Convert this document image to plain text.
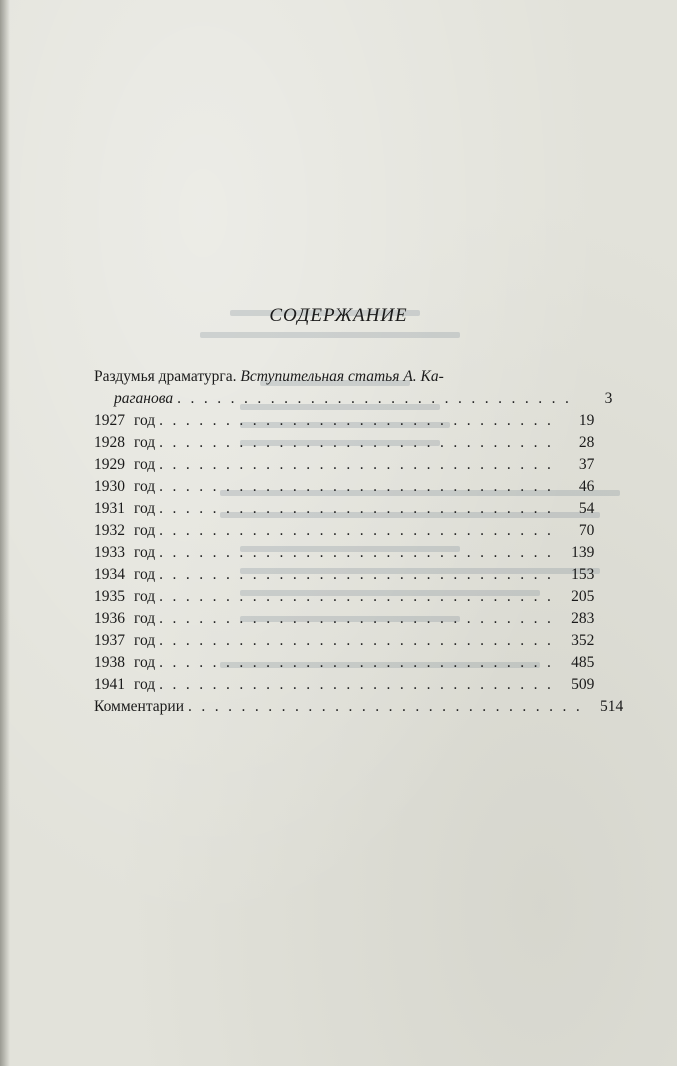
СОДЕРЖАНИЕ
Раздумья драматурга. Вступительная статья А. Ка-
раганова ..............................	3
1927 год ..............................	19
1928 год ..............................	28
1929 год ..............................	37
1930 год ..............................	46
1931 год ..............................	54
1932 год ..............................	70
1933 год .............................. 139
1934 год .............................. 153
1935 год .............................. 205
1936 год .............................. 283
1937 год .............................. 352
1938 год .............................. 485
1941 год .............................. 509
Комментарии .............................. 514
